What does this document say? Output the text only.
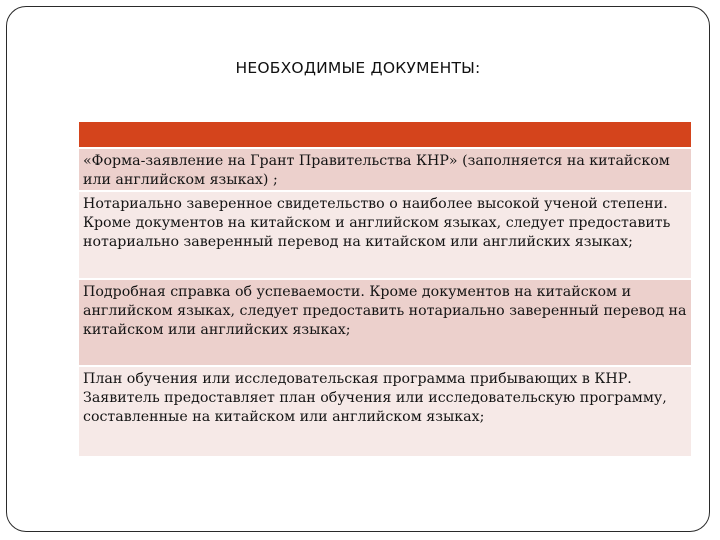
НЕОБХОДИМЫЕ ДОКУМЕНТЫ:

«Форма-заявление на Грант Правительства КНР» (заполняется на китайском или английском языках) ;
Нотариально заверенное свидетельство о наиболее высокой ученой степени. Кроме документов на китайском и английском языках, следует предоставить нотариально заверенный перевод на китайском или английских языках;
Подробная справка об успеваемости. Кроме документов на китайском и английском языках, следует предоставить нотариально заверенный перевод на китайском или английских языках;
План обучения или исследовательская программа прибывающих в КНР. Заявитель предоставляет план обучения или исследовательскую программу, составленные на китайском или английском языках;
